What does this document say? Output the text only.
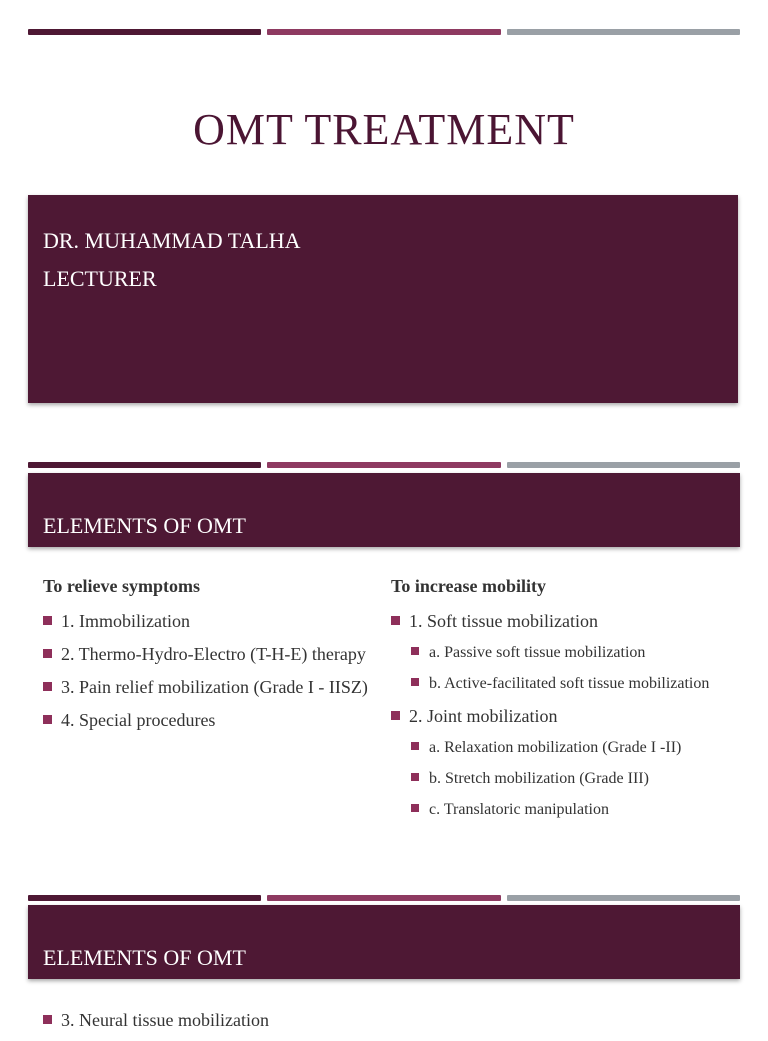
OMT TREATMENT
DR. MUHAMMAD TALHA
LECTURER
ELEMENTS OF OMT
To relieve symptoms
1. Immobilization
2. Thermo-Hydro-Electro (T-H-E) therapy
3. Pain relief mobilization (Grade I - IISZ)
4. Special procedures
To increase mobility
1. Soft tissue mobilization
a. Passive soft tissue mobilization
b. Active-facilitated soft tissue mobilization
2. Joint mobilization
a. Relaxation mobilization (Grade I -II)
b. Stretch mobilization (Grade III)
c. Translatoric manipulation
ELEMENTS OF OMT
3. Neural tissue mobilization
